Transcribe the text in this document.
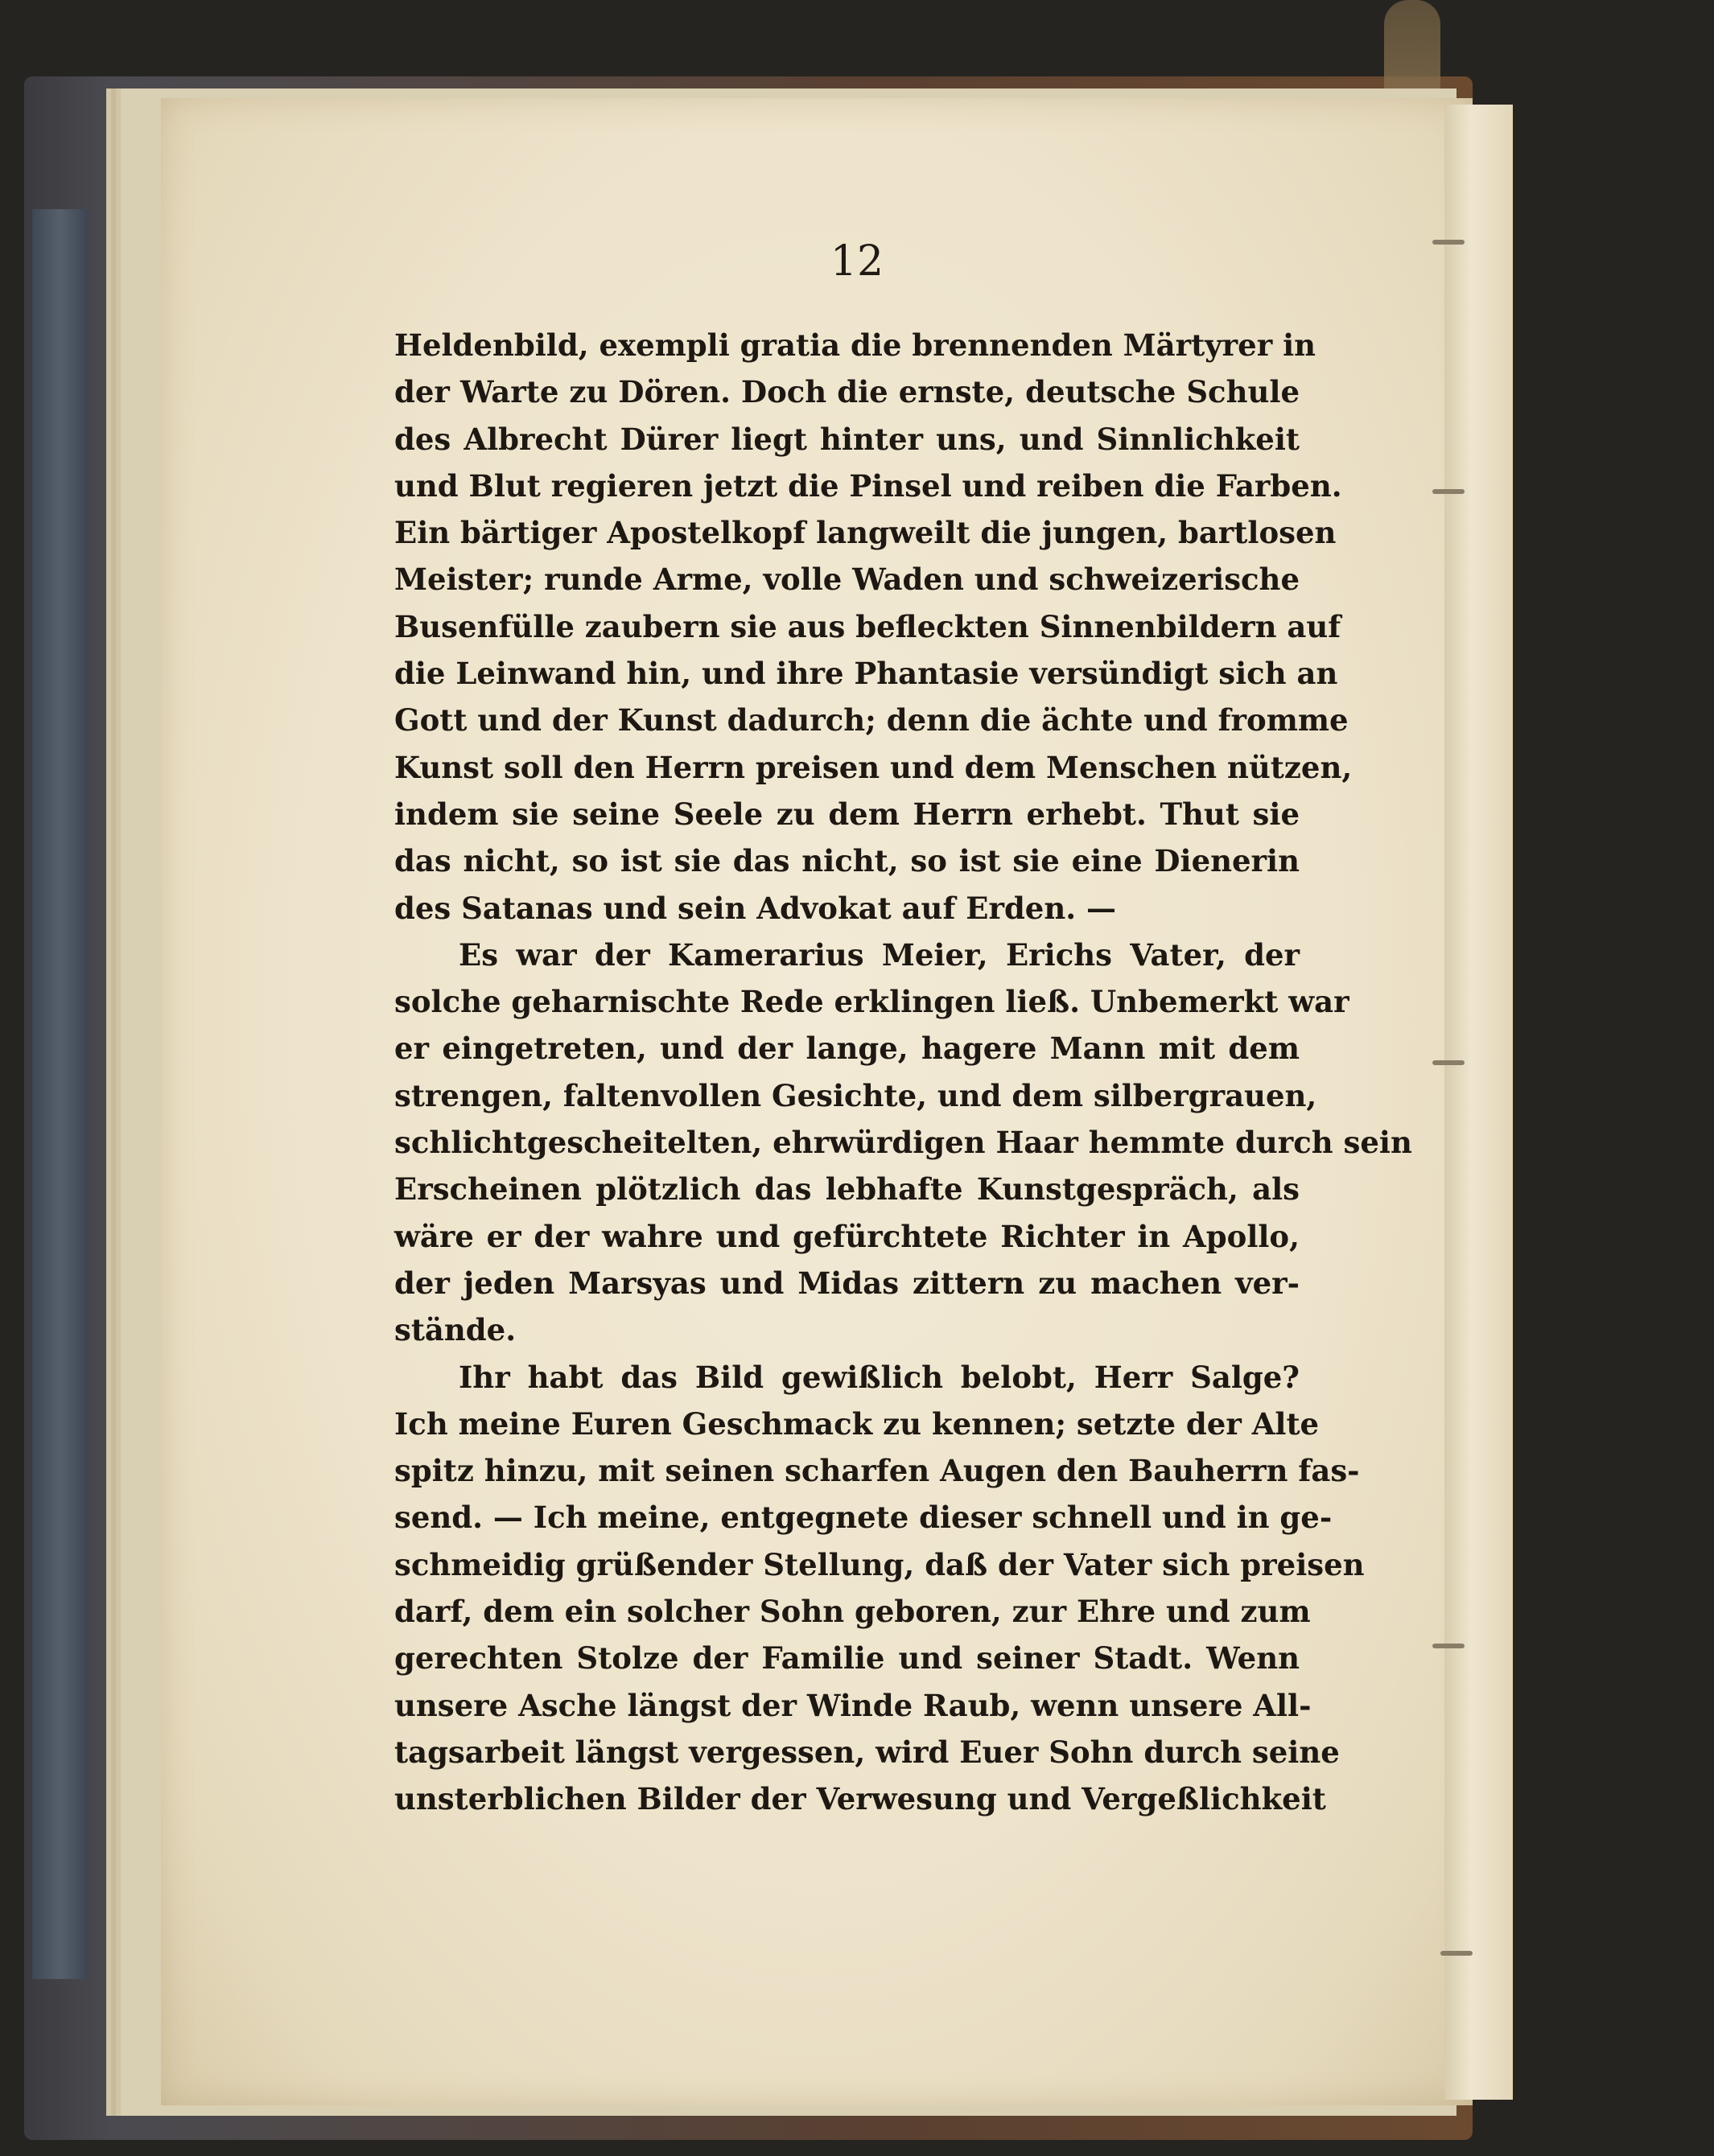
12
Heldenbild, exempli gratia die brennenden Märtyrer in
der Warte zu Dören. Doch die ernste, deutsche Schule
des Albrecht Dürer liegt hinter uns, und Sinnlichkeit
und Blut regieren jetzt die Pinsel und reiben die Farben.
Ein bärtiger Apostelkopf langweilt die jungen, bartlosen
Meister; runde Arme, volle Waden und schweizerische
Busenfülle zaubern sie aus befleckten Sinnenbildern auf
die Leinwand hin, und ihre Phantasie versündigt sich an
Gott und der Kunst dadurch; denn die ächte und fromme
Kunst soll den Herrn preisen und dem Menschen nützen,
indem sie seine Seele zu dem Herrn erhebt. Thut sie
das nicht, so ist sie das nicht, so ist sie eine Dienerin
des Satanas und sein Advokat auf Erden. —
Es war der Kamerarius Meier, Erichs Vater, der
solche geharnischte Rede erklingen ließ. Unbemerkt war
er eingetreten, und der lange, hagere Mann mit dem
strengen, faltenvollen Gesichte, und dem silbergrauen,
schlichtgescheitelten, ehrwürdigen Haar hemmte durch sein
Erscheinen plötzlich das lebhafte Kunstgespräch, als
wäre er der wahre und gefürchtete Richter in Apollo,
der jeden Marsyas und Midas zittern zu machen ver-
stände.
Ihr habt das Bild gewißlich belobt, Herr Salge?
Ich meine Euren Geschmack zu kennen; setzte der Alte
spitz hinzu, mit seinen scharfen Augen den Bauherrn fas-
send. — Ich meine, entgegnete dieser schnell und in ge-
schmeidig grüßender Stellung, daß der Vater sich preisen
darf, dem ein solcher Sohn geboren, zur Ehre und zum
gerechten Stolze der Familie und seiner Stadt. Wenn
unsere Asche längst der Winde Raub, wenn unsere All-
tagsarbeit längst vergessen, wird Euer Sohn durch seine
unsterblichen Bilder der Verwesung und Vergeßlichkeit
